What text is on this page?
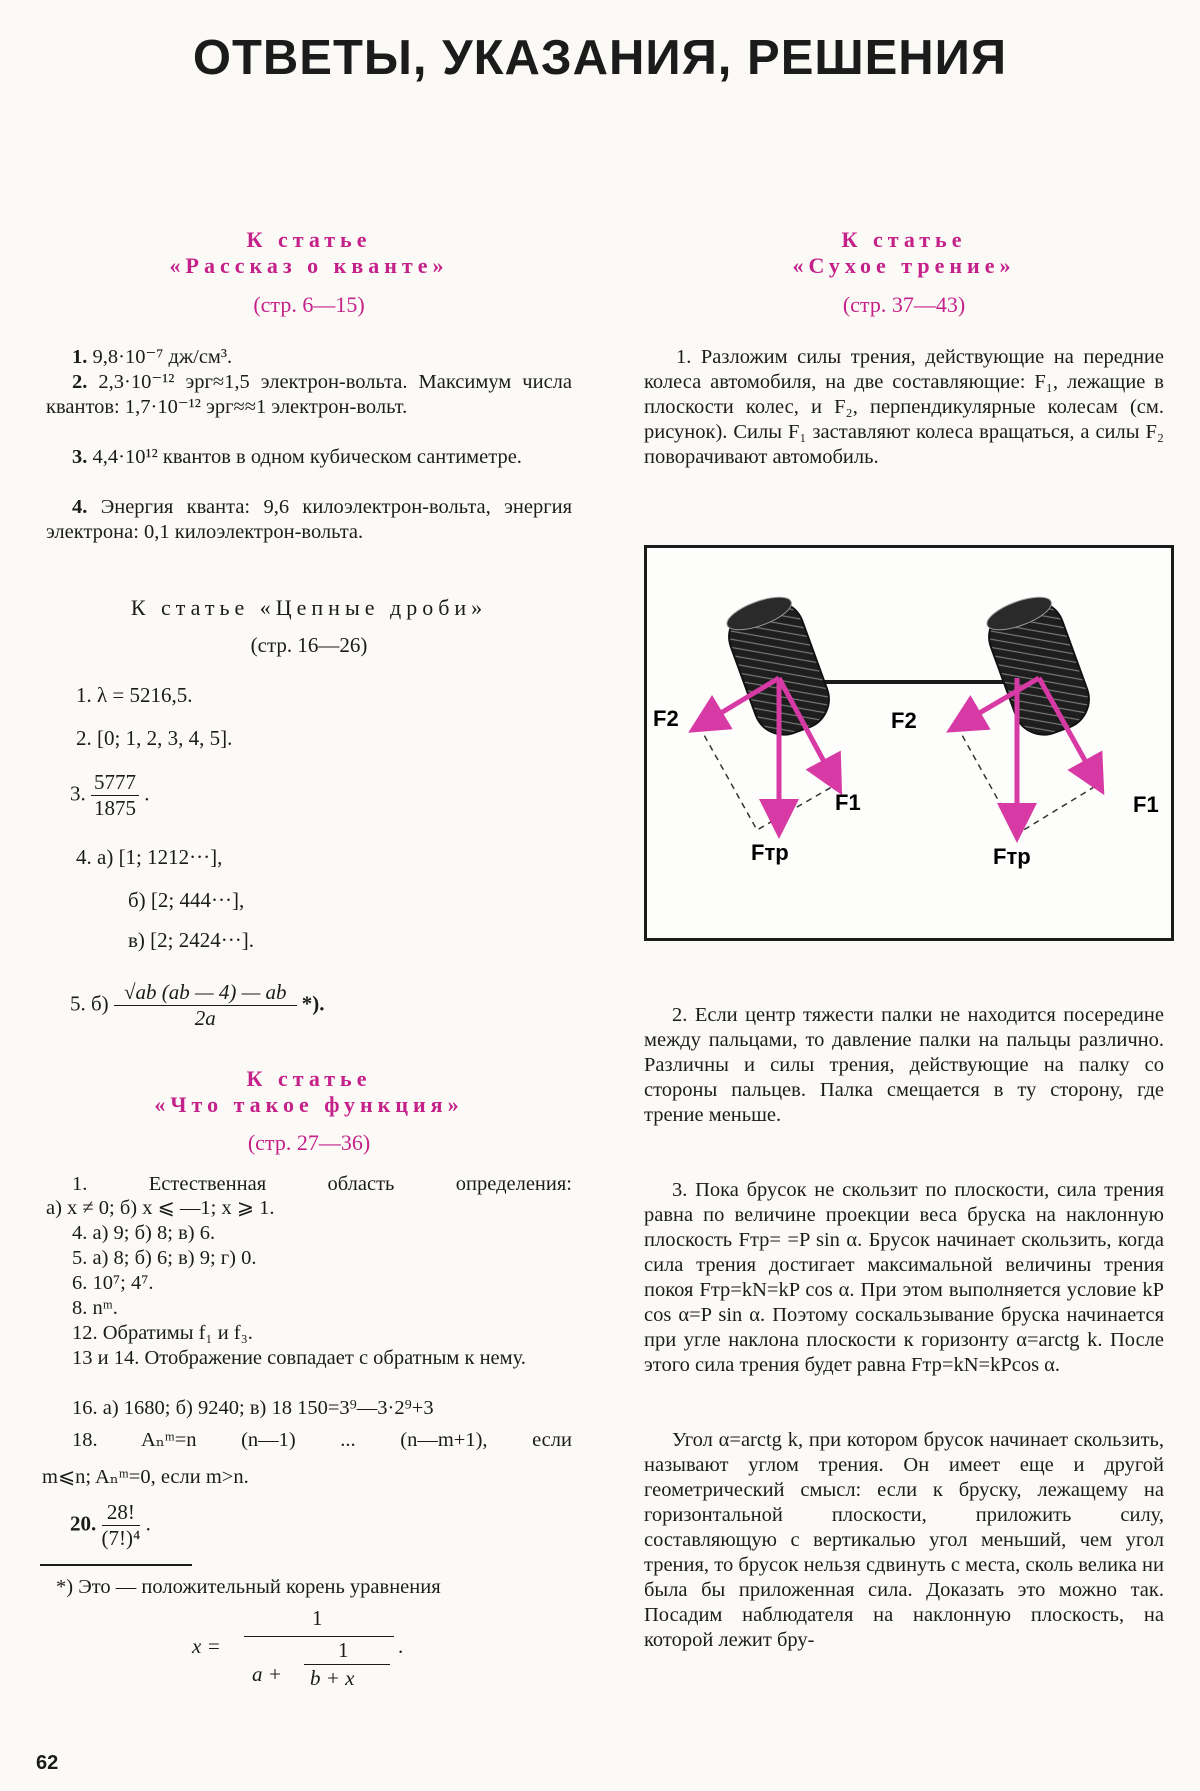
ОТВЕТЫ, УКАЗАНИЯ, РЕШЕНИЯ
К статье
«Рассказ о кванте»
(стр. 6—15)
1. 9,8·10⁻⁷ дж/см³.
2. 2,3·10⁻¹² эрг≈1,5 электрон-вольта. Максимум числа квантов: 1,7·10⁻¹² эрг≈≈1 электрон-вольт.
3. 4,4·10¹² квантов в одном кубическом сантиметре.
4. Энергия кванта: 9,6 килоэлектрон-вольта, энергия электрона: 0,1 килоэлектрон-вольта.
К статье «Цепные дроби»
(стр. 16—26)
1. λ = 5216,5.
2. [0; 1, 2, 3, 4, 5].
3. $\frac{5777}{1875}$ .
4. а) [1; 1212···],
б) [2; 444···],
в) [2; 2424···].
5. $б) \frac{√ab (ab — 4) — ab}{2a}$ *).
К статье
«Что такое функция»
(стр. 27—36)
1. Естественная область определения:
а) x ≠ 0; б) x ⩽ —1; x ⩾ 1.
4. а) 9; б) 8; в) 6.
5. а) 8; б) 6; в) 9; г) 0.
6. 10⁷; 4⁷.
8. nᵐ.
12. Обратимы f₁ и f₃.
13 и 14. Отображение совпадает с обратным к нему.
16. а) 1680; б) 9240; в) 18 150=3⁹—3·2⁹+3
18. Aₙᵐ=n (n—1) ... (n—m+1), если
m⩽n; Aₙᵐ=0, если m>n.
20. $\frac{28!}{\text{(7!)⁴}}$ .
*) Это — положительный корень уравнения
x =
1
a +
1
b + x
.
К статье
«Сухое трение»
(стр. 37—43)
1. Разложим силы трения, действующие на передние колеса автомобиля, на две составляющие: F₁, лежащие в плоскости колес, и F₂, перпендикулярные колесам (см. рисунок). Силы F₁ заставляют колеса вращаться, а силы F₂ поворачивают автомобиль.
2. Если центр тяжести палки не находится посередине между пальцами, то давление палки на пальцы различно. Различны и силы трения, действующие на палку со стороны пальцев. Палка смещается в ту сторону, где трение меньше.
3. Пока брусок не скользит по плоскости, сила трения равна по величине проекции веса бруска на наклонную плоскость Fтр= =P sin α. Брусок начинает скользить, когда сила трения достигает максимальной величины трения покоя Fтр=kN=kP cos α. При этом выполняется условие kP cos α=P sin α. Поэтому соскальзывание бруска начинается при угле наклона плоскости к горизонту α=arctg k. После этого сила трения будет равна Fтр=kN=kPcos α.
Угол α=arctg k, при котором брусок начинает скользить, называют углом трения. Он имеет еще и другой геометрический смысл: если к бруску, лежащему на горизонтальной плоскости, приложить силу, составляющую с вертикалью угол меньший, чем угол трения, то брусок нельзя сдвинуть с места, сколь велика ни была бы приложенная сила. Доказать это можно так. Посадим наблюдателя на наклонную плоскость, на которой лежит бру-
F2
F1
Fтр
F2
F1
Fтр
62
